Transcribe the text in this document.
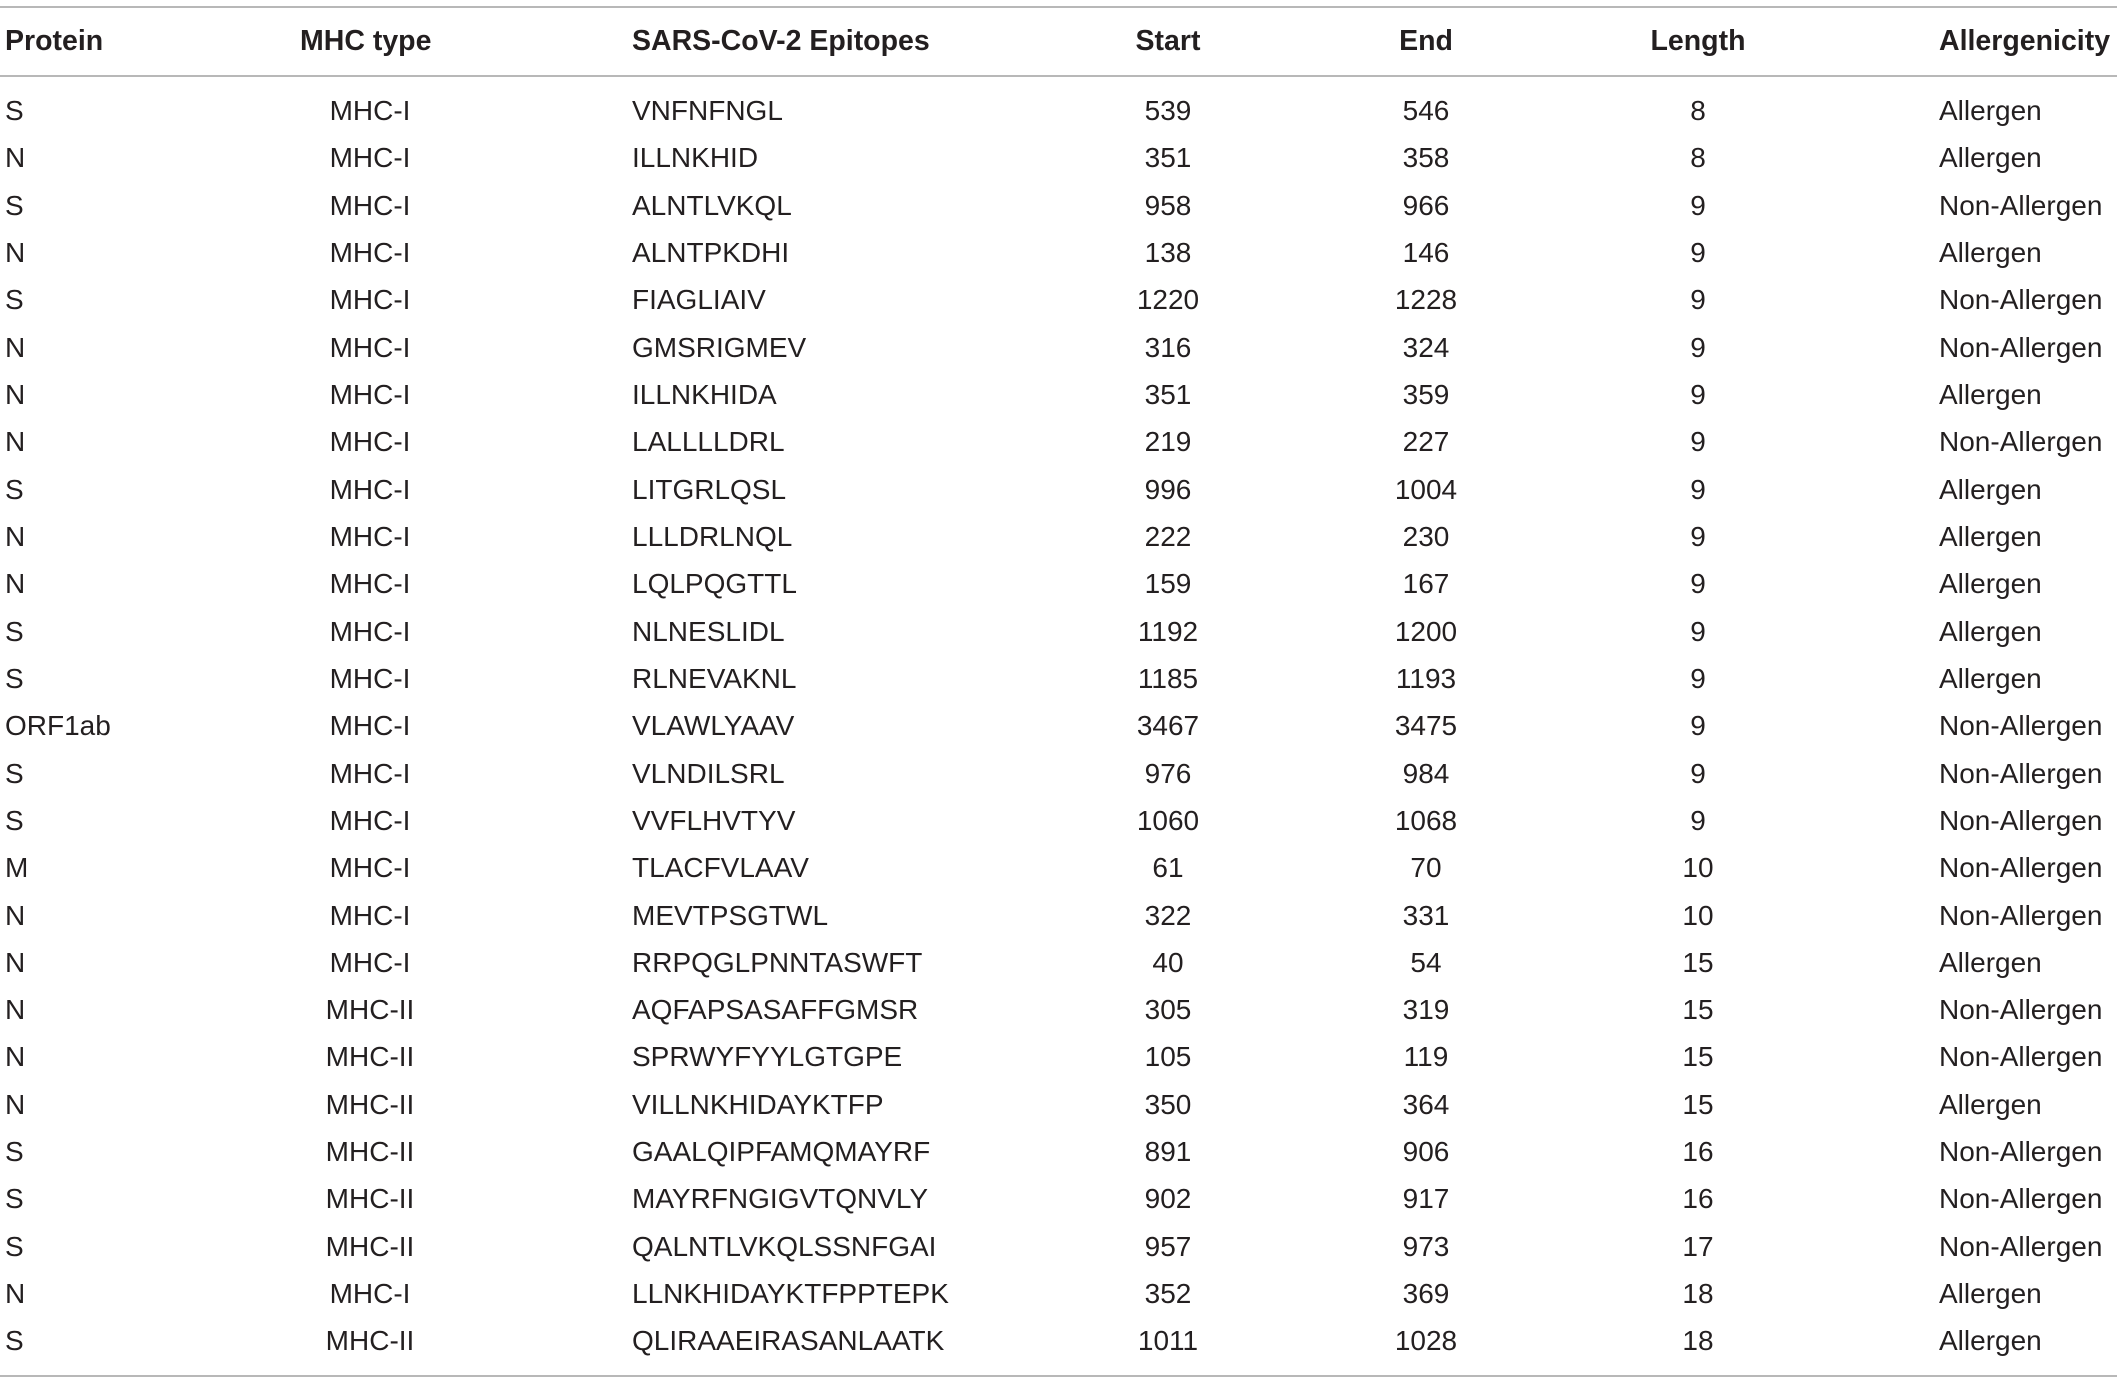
Protein	MHC type	SARS-CoV-2 Epitopes	Start	End	Length	Allergenicity
S	MHC-I	VNFNFNGL	539	546	8	Allergen
N	MHC-I	ILLNKHID	351	358	8	Allergen
S	MHC-I	ALNTLVKQL	958	966	9	Non-Allergen
N	MHC-I	ALNTPKDHI	138	146	9	Allergen
S	MHC-I	FIAGLIAIV	1220	1228	9	Non-Allergen
N	MHC-I	GMSRIGMEV	316	324	9	Non-Allergen
N	MHC-I	ILLNKHIDA	351	359	9	Allergen
N	MHC-I	LALLLLDRL	219	227	9	Non-Allergen
S	MHC-I	LITGRLQSL	996	1004	9	Allergen
N	MHC-I	LLLDRLNQL	222	230	9	Allergen
N	MHC-I	LQLPQGTTL	159	167	9	Allergen
S	MHC-I	NLNESLIDL	1192	1200	9	Allergen
S	MHC-I	RLNEVAKNL	1185	1193	9	Allergen
ORF1ab	MHC-I	VLAWLYAAV	3467	3475	9	Non-Allergen
S	MHC-I	VLNDILSRL	976	984	9	Non-Allergen
S	MHC-I	VVFLHVTYV	1060	1068	9	Non-Allergen
M	MHC-I	TLACFVLAAV	61	70	10	Non-Allergen
N	MHC-I	MEVTPSGTWL	322	331	10	Non-Allergen
N	MHC-I	RRPQGLPNNTASWFT	40	54	15	Allergen
N	MHC-II	AQFAPSASAFFGMSR	305	319	15	Non-Allergen
N	MHC-II	SPRWYFYYLGTGPE	105	119	15	Non-Allergen
N	MHC-II	VILLNKHIDAYKTFP	350	364	15	Allergen
S	MHC-II	GAALQIPFAMQMAYRF	891	906	16	Non-Allergen
S	MHC-II	MAYRFNGIGVTQNVLY	902	917	16	Non-Allergen
S	MHC-II	QALNTLVKQLSSNFGAI	957	973	17	Non-Allergen
N	MHC-I	LLNKHIDAYKTFPPTEPK	352	369	18	Allergen
S	MHC-II	QLIRAAEIRASANLAATK	1011	1028	18	Allergen
